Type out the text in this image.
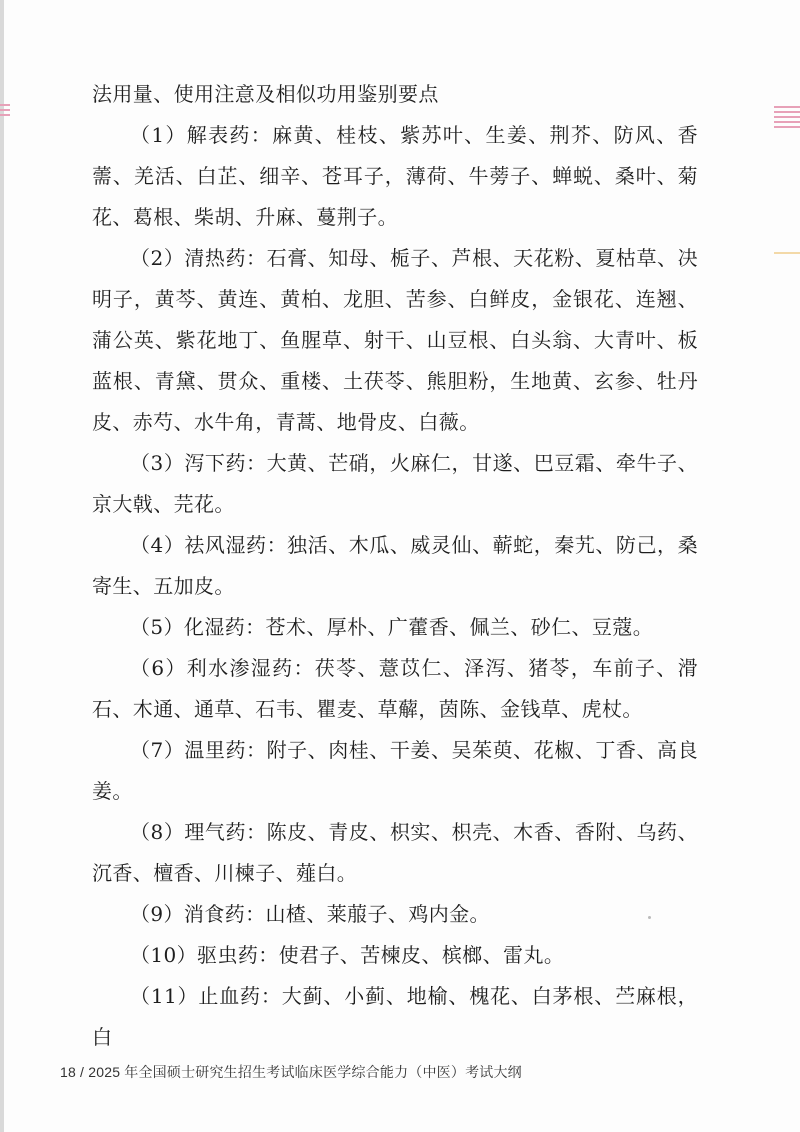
法用量、使用注意及相似功用鉴别要点

（1）解表药：麻黄、桂枝、紫苏叶、生姜、荆芥、防风、香薷、羌活、白芷、细辛、苍耳子，薄荷、牛蒡子、蝉蜕、桑叶、菊花、葛根、柴胡、升麻、蔓荆子。

（2）清热药：石膏、知母、栀子、芦根、天花粉、夏枯草、决明子，黄芩、黄连、黄柏、龙胆、苦参、白鲜皮，金银花、连翘、蒲公英、紫花地丁、鱼腥草、射干、山豆根、白头翁、大青叶、板蓝根、青黛、贯众、重楼、土茯苓、熊胆粉，生地黄、玄参、牡丹皮、赤芍、水牛角，青蒿、地骨皮、白薇。

（3）泻下药：大黄、芒硝，火麻仁，甘遂、巴豆霜、牵牛子、京大戟、芫花。

（4）祛风湿药：独活、木瓜、威灵仙、蕲蛇，秦艽、防己，桑寄生、五加皮。

（5）化湿药：苍术、厚朴、广藿香、佩兰、砂仁、豆蔻。

（6）利水渗湿药：茯苓、薏苡仁、泽泻、猪苓，车前子、滑石、木通、通草、石韦、瞿麦、草薢，茵陈、金钱草、虎杖。

（7）温里药：附子、肉桂、干姜、吴茱萸、花椒、丁香、高良姜。

（8）理气药：陈皮、青皮、枳实、枳壳、木香、香附、乌药、沉香、檀香、川楝子、薤白。

（9）消食药：山楂、莱菔子、鸡内金。

（10）驱虫药：使君子、苦楝皮、槟榔、雷丸。

（11）止血药：大蓟、小蓟、地榆、槐花、白茅根、苎麻根，白

18 / 2025 年全国硕士研究生招生考试临床医学综合能力（中医）考试大纲
